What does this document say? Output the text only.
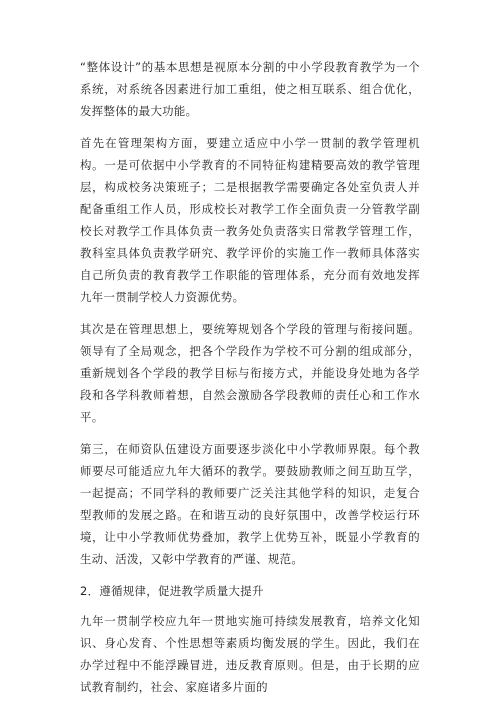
“整体设计”的基本思想是视原本分割的中小学段教育教学为一个系统，对系统各因素进行加工重组，使之相互联系、组合优化，发挥整体的最大功能。

首先在管理架构方面，要建立适应中小学一贯制的教学管理机构。一是可依据中小学教育的不同特征构建精要高效的教学管理层，构成校务决策班子；二是根据教学需要确定各处室负责人并配备重组工作人员，形成校长对教学工作全面负责一分管教学副校长对教学工作具体负责一教务处负责落实日常教学管理工作，教科室具体负责教学研究、教学评价的实施工作一教师具体落实自己所负责的教育教学工作职能的管理体系，充分而有效地发挥九年一贯制学校人力资源优势。

其次是在管理思想上，要统筹规划各个学段的管理与衔接问题。领导有了全局观念，把各个学段作为学校不可分割的组成部分，重新规划各个学段的教学目标与衔接方式，并能设身处地为各学段和各学科教师着想，自然会激励各学段教师的责任心和工作水平。

第三，在师资队伍建设方面要逐步淡化中小学教师界限。每个教师要尽可能适应九年大循环的教学。要鼓励教师之间互助互学，一起提高；不同学科的教师要广泛关注其他学科的知识，走复合型教师的发展之路。在和谐互动的良好氛围中，改善学校运行环境，让中小学教师优势叠加，教学上优势互补，既显小学教育的生动、活泼，又彰中学教育的严谨、规范。

2．遵循规律，促进教学质量大提升

九年一贯制学校应九年一贯地实施可持续发展教育，培养文化知识、身心发育、个性思想等素质均衡发展的学生。因此，我们在办学过程中不能浮躁冒进，违反教育原则。但是，由于长期的应试教育制约，社会、家庭诸多片面的
